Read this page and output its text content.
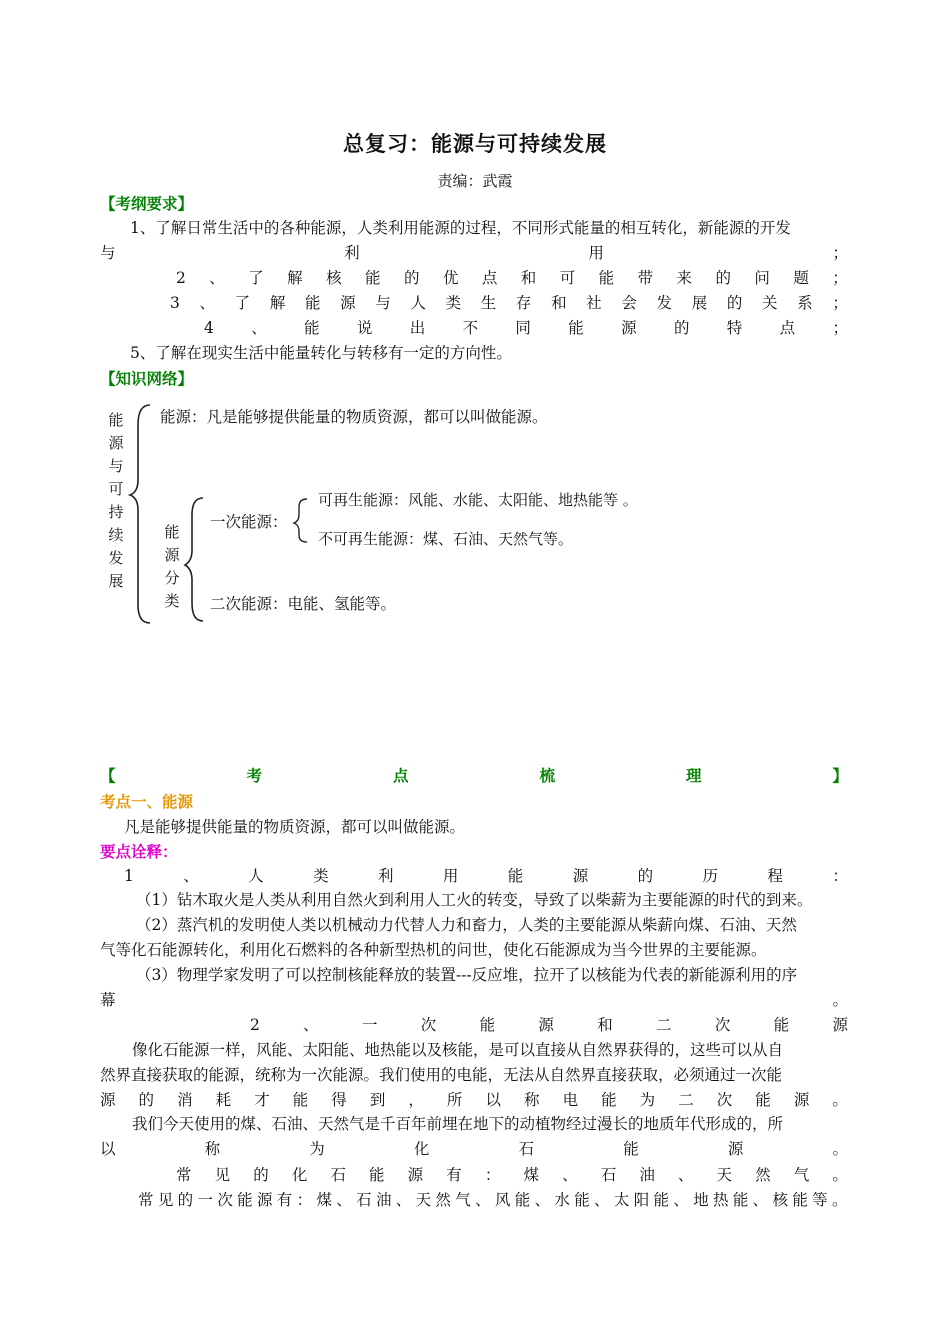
总复习：能源与可持续发展
责编：武霞
【考纲要求】
1、了解日常生活中的各种能源，人类利用能源的过程，不同形式能量的相互转化，新能源的开发
与	利	用	；
2 、 了 解 核 能 的 优 点 和 可 能 带 来 的 问 题 ；
3 、 了 解 能 源 与 人 类 生 存 和 社 会 发 展 的 关 系 ；
4 、 能 说 出 不 同 能 源 的 特 点 ；
5、了解在现实生活中能量转化与转移有一定的方向性。
【知识网络】
能
源
与
可
持
续
发
展
能源：凡是能够提供能量的物质资源，都可以叫做能源。
能
源
分
类
一次能源：
可再生能源：风能、水能、太阳能、地热能等 。
不可再生能源：煤、石油、天然气等。
二次能源：电能、氢能等。
【	考	点	梳	理	】
考点一、能源
凡是能够提供能量的物质资源，都可以叫做能源。
要点诠释：
1	、	人	类	利	用	能	源	的	历	程	：
（1）钻木取火是人类从利用自然火到利用人工火的转变，导致了以柴薪为主要能源的时代的到来。
（2）蒸汽机的发明使人类以机械动力代替人力和畜力，人类的主要能源从柴薪向煤、石油、天然
气等化石能源转化，利用化石燃料的各种新型热机的问世，使化石能源成为当今世界的主要能源。
（3）物理学家发明了可以控制核能释放的装置---反应堆，拉开了以核能为代表的新能源利用的序
幕	。
2	、	一	次	能	源	和	二	次	能	源
像化石能源一样，风能、太阳能、地热能以及核能，是可以直接从自然界获得的，这些可以从自
然界直接获取的能源，统称为一次能源。我们使用的电能，无法从自然界直接获取，必须通过一次能
源 的 消 耗 才 能 得 到 ， 所 以 称 电 能 为 二 次 能 源 。
我们今天使用的煤、石油、天然气是千百年前埋在地下的动植物经过漫长的地质年代形成的，所
以	称	为	化	石	能	源	。
常 见 的 化 石 能 源 有 ： 煤 、 石 油 、 天 然 气 。
常 见 的 一 次 能 源 有 ： 煤 、 石 油 、 天 然 气 、 风 能 、 水 能 、 太 阳 能 、 地 热 能 、 核 能 等 。
